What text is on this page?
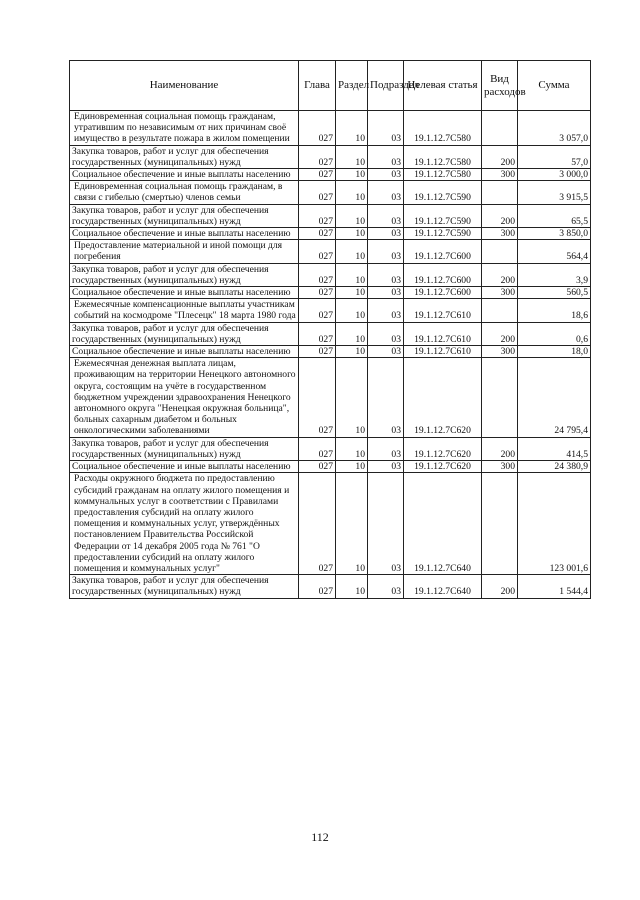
Наименование	Глава	Раздел	Подраздел	Целевая статья	Вид расходов	Сумма
Единовременная социальная помощь гражданам, утратившим по независимым от них причинам своё имущество в результате пожара в жилом помещении	027	10	03	19.1.12.7С580		3 057,0
Закупка товаров, работ и услуг для обеспечения государственных (муниципальных) нужд	027	10	03	19.1.12.7С580	200	57,0
Социальное обеспечение и иные выплаты населению	027	10	03	19.1.12.7С580	300	3 000,0
Единовременная социальная помощь гражданам, в связи с гибелью (смертью) членов семьи	027	10	03	19.1.12.7С590		3 915,5
Закупка товаров, работ и услуг для обеспечения государственных (муниципальных) нужд	027	10	03	19.1.12.7С590	200	65,5
Социальное обеспечение и иные выплаты населению	027	10	03	19.1.12.7С590	300	3 850,0
Предоставление материальной и иной помощи для погребения	027	10	03	19.1.12.7С600		564,4
Закупка товаров, работ и услуг для обеспечения государственных (муниципальных) нужд	027	10	03	19.1.12.7С600	200	3,9
Социальное обеспечение и иные выплаты населению	027	10	03	19.1.12.7С600	300	560,5
Ежемесячные компенсационные выплаты участникам событий на космодроме "Плесецк" 18 марта 1980 года	027	10	03	19.1.12.7С610		18,6
Закупка товаров, работ и услуг для обеспечения государственных (муниципальных) нужд	027	10	03	19.1.12.7С610	200	0,6
Социальное обеспечение и иные выплаты населению	027	10	03	19.1.12.7С610	300	18,0
Ежемесячная денежная выплата лицам, проживающим на территории Ненецкого автономного округа, состоящим на учёте в государственном бюджетном учреждении здравоохранения Ненецкого автономного округа "Ненецкая окружная больница", больных сахарным диабетом и больных онкологическими заболеваниями	027	10	03	19.1.12.7С620		24 795,4
Закупка товаров, работ и услуг для обеспечения государственных (муниципальных) нужд	027	10	03	19.1.12.7С620	200	414,5
Социальное обеспечение и иные выплаты населению	027	10	03	19.1.12.7С620	300	24 380,9
Расходы окружного бюджета по предоставлению субсидий гражданам на оплату жилого помещения и коммунальных услуг в соответствии с Правилами предоставления субсидий на оплату жилого помещения и коммунальных услуг, утверждённых постановлением Правительства Российской Федерации от 14 декабря 2005 года № 761 "О предоставлении субсидий на оплату жилого помещения и коммунальных услуг"	027	10	03	19.1.12.7С640		123 001,6
Закупка товаров, работ и услуг для обеспечения государственных (муниципальных) нужд	027	10	03	19.1.12.7С640	200	1 544,4
112
